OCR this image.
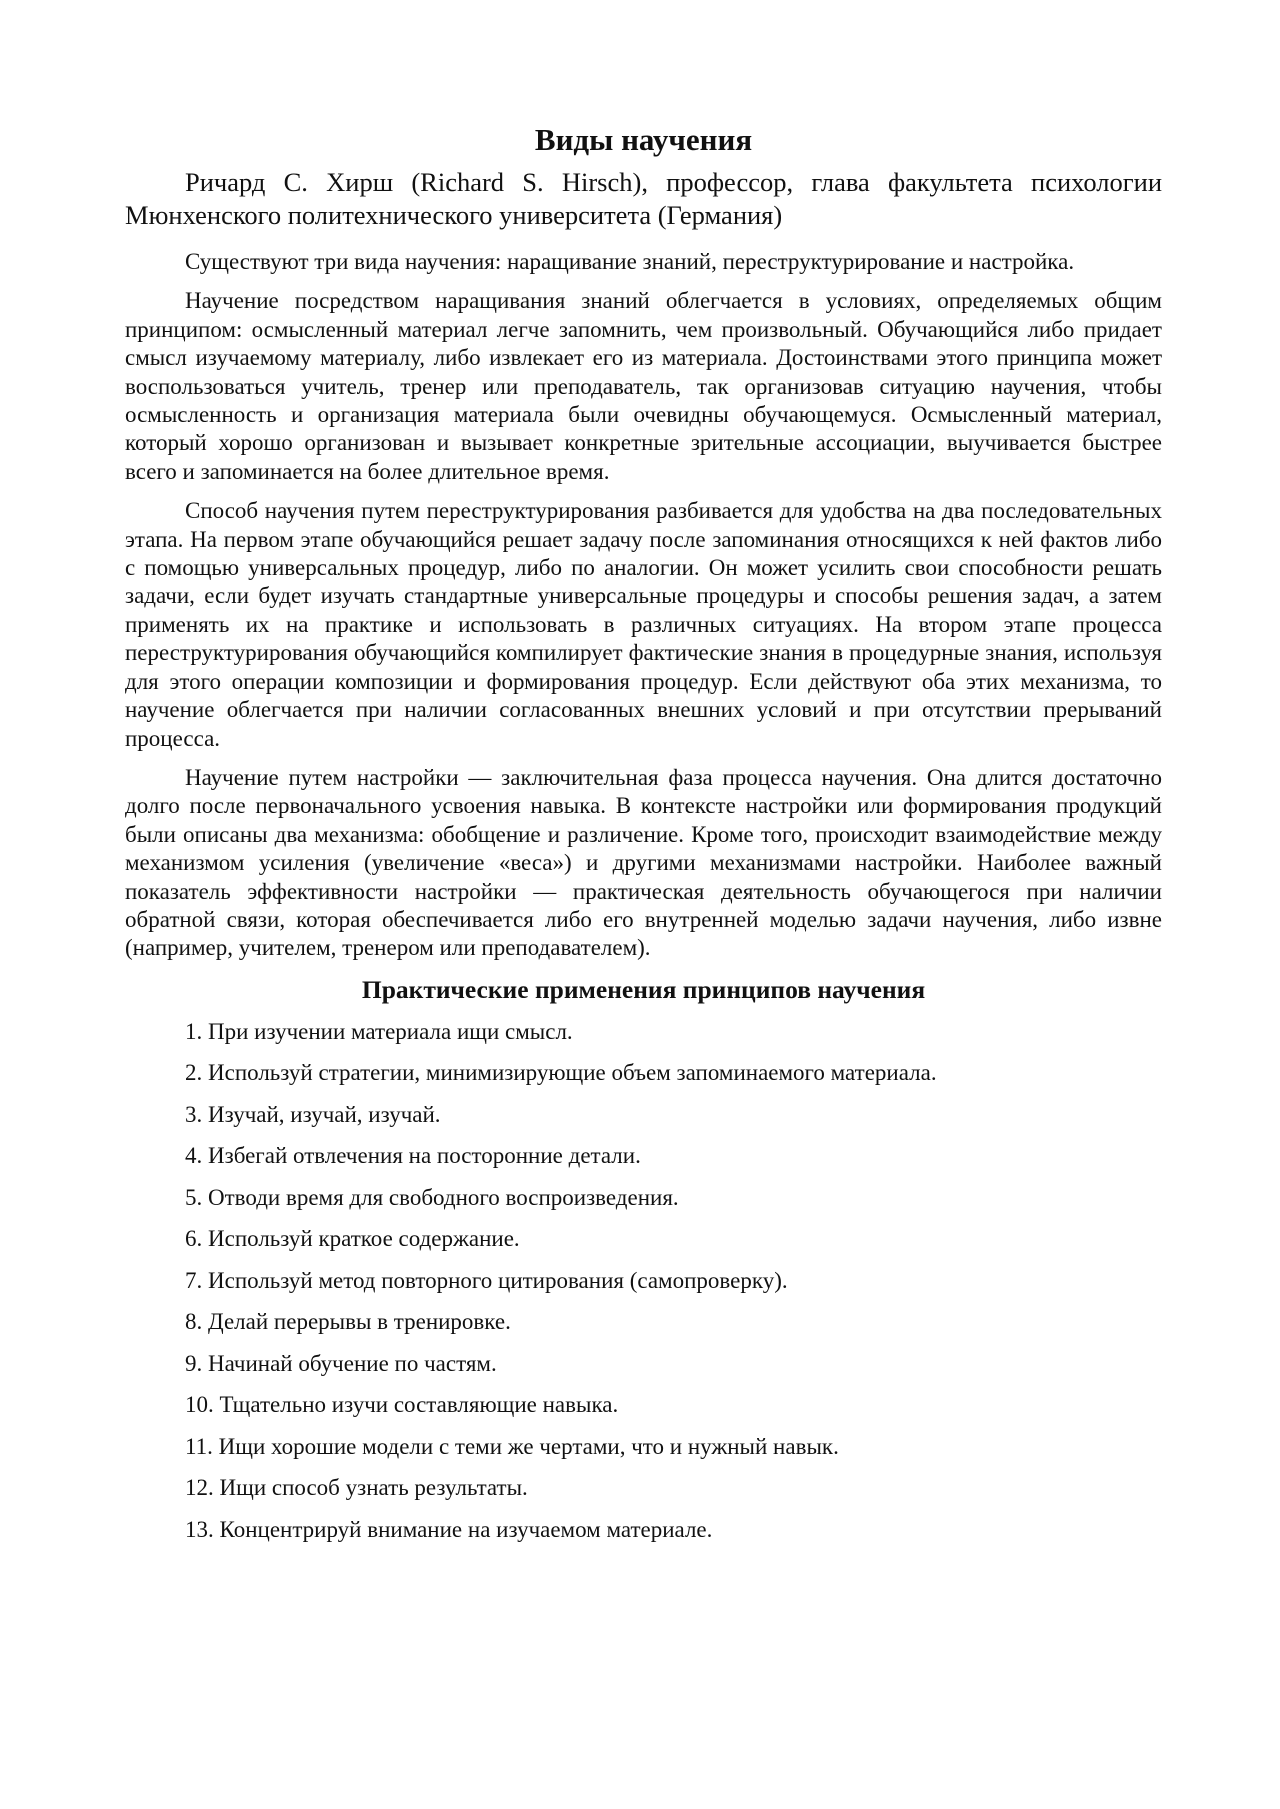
Виды научения

Ричард С. Хирш (Richard S. Hirsch), профессор, глава факультета психологии Мюнхенского политехнического университета (Германия)

Существуют три вида научения: наращивание знаний, переструктурирование и настройка.

Научение посредством наращивания знаний облегчается в условиях, определяемых общим принципом: осмысленный материал легче запомнить, чем произвольный. Обучающийся либо придает смысл изучаемому материалу, либо извлекает его из материала. Достоинствами этого принципа может воспользоваться учитель, тренер или преподаватель, так организовав ситуацию научения, чтобы осмысленность и организация материала были очевидны обучающемуся. Осмысленный материал, который хорошо организован и вызывает конкретные зрительные ассоциации, выучивается быстрее всего и запоминается на более длительное время.

Способ научения путем переструктурирования разбивается для удобства на два последовательных этапа. На первом этапе обучающийся решает задачу после запоминания относящихся к ней фактов либо с помощью универсальных процедур, либо по аналогии. Он может усилить свои способности решать задачи, если будет изучать стандартные универсальные процедуры и способы решения задач, а затем применять их на практике и использовать в различных ситуациях. На втором этапе процесса переструктурирования обучающийся компилирует фактические знания в процедурные знания, используя для этого операции композиции и формирования процедур. Если действуют оба этих механизма, то научение облегчается при наличии согласованных внешних условий и при отсутствии прерываний процесса.

Научение путем настройки — заключительная фаза процесса научения. Она длится достаточно долго после первоначального усвоения навыка. В контексте настройки или формирования продукций были описаны два механизма: обобщение и различение. Кроме того, происходит взаимодействие между механизмом усиления (увеличение «веса») и другими механизмами настройки. Наиболее важный показатель эффективности настройки — практическая деятельность обучающегося при наличии обратной связи, которая обеспечивается либо его внутренней моделью задачи научения, либо извне (например, учителем, тренером или преподавателем).

Практические применения принципов научения
1. При изучении материала ищи смысл.
2. Используй стратегии, минимизирующие объем запоминаемого материала.
3. Изучай, изучай, изучай.
4. Избегай отвлечения на посторонние детали.
5. Отводи время для свободного воспроизведения.
6. Используй краткое содержание.
7. Используй метод повторного цитирования (самопроверку).
8. Делай перерывы в тренировке.
9. Начинай обучение по частям.
10. Тщательно изучи составляющие навыка.
11. Ищи хорошие модели с теми же чертами, что и нужный навык.
12. Ищи способ узнать результаты.
13. Концентрируй внимание на изучаемом материале.
